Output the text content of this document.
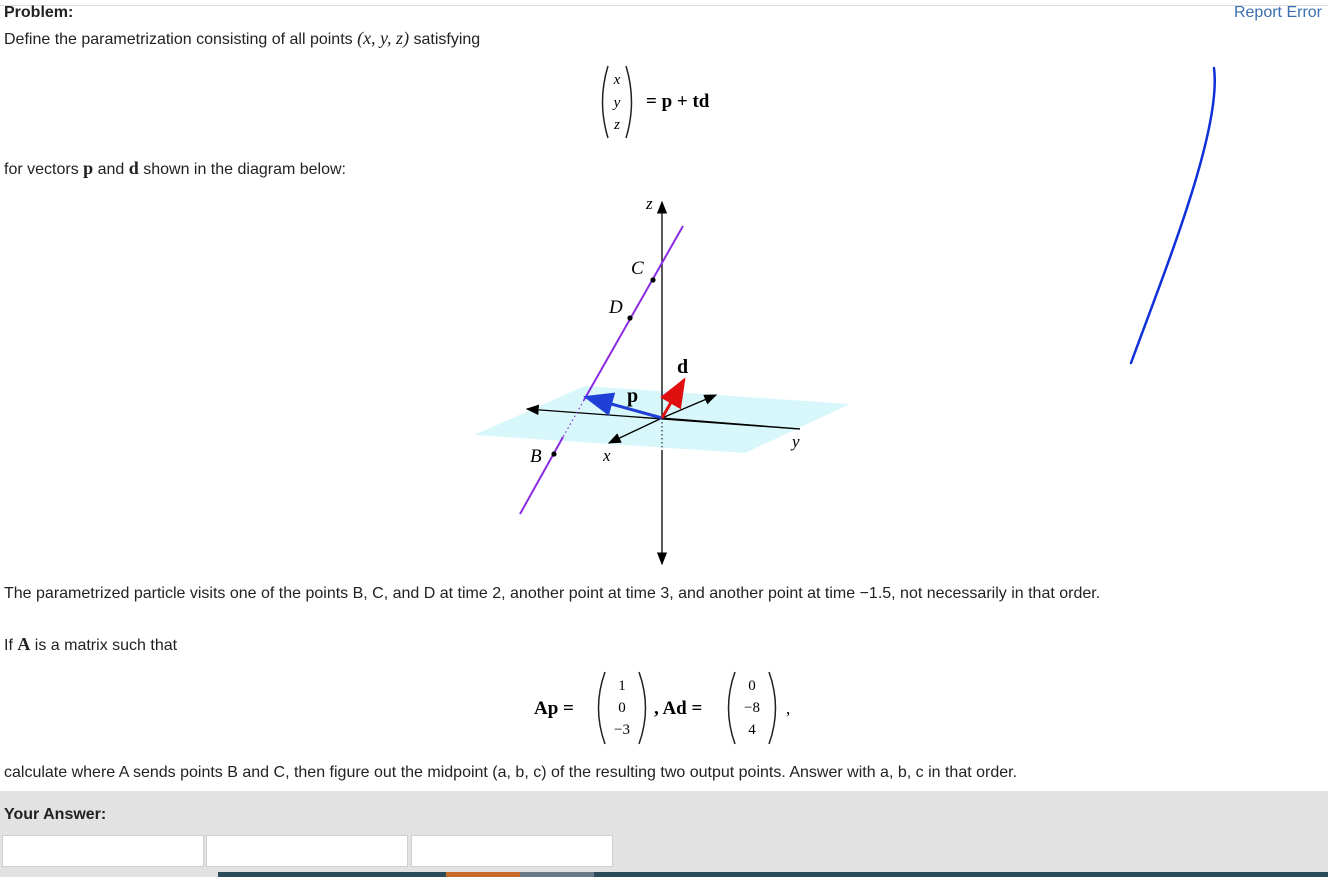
Problem:	Report Error
Define the parametrization consisting of all points (x, y, z) satisfying
x
y
z
= p + td
for vectors p and d shown in the diagram below:
z
y
x
C
D
B
p
d
The parametrized particle visits one of the points B, C, and D at time 2, another point at time 3, and another point at time −1.5, not necessarily in that order.
If A is a matrix such that
Ap =
1
0
−3
, Ad =
0
−8
4
,
calculate where A sends points B and C, then figure out the midpoint (a, b, c) of the resulting two output points. Answer with a, b, c in that order.
Your Answer:
